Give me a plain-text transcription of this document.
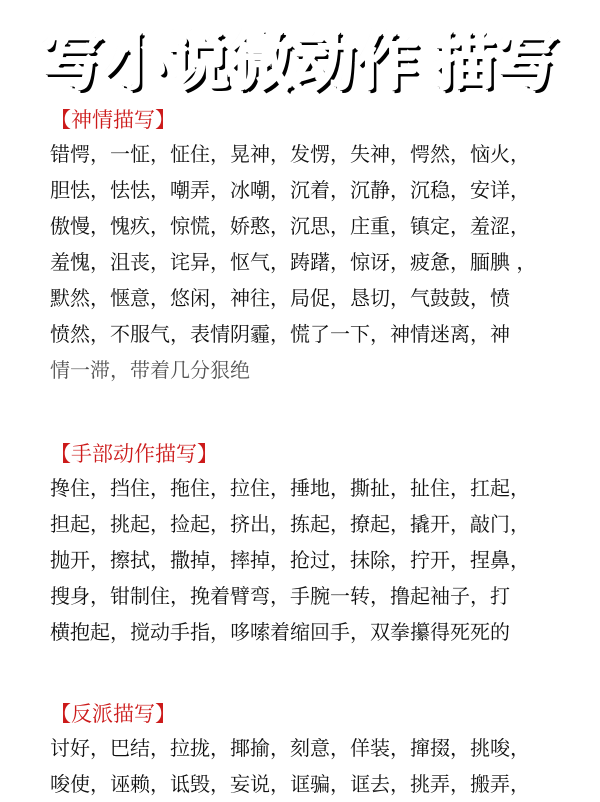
写小说 微动作 描写
【神情描写】
错愕，一怔，怔住，晃神，发愣，失神，愕然，恼火，
胆怯，怯怯，嘲弄，冰嘲，沉着，沉静，沉稳，安详，
傲慢，愧疚，惊慌，娇憨，沉思，庄重，镇定，羞涩，
羞愧，沮丧，诧异，怄气，踌躇，惊讶，疲惫，腼腆 ，
默然，惬意，悠闲，神往，局促，恳切，气鼓鼓，愤
愤然，不服气，表情阴霾，慌了一下，神情迷离，神
情一滞，带着几分狠绝
【手部动作描写】
搀住，挡住，拖住，拉住，捶地，撕扯，扯住，扛起，
担起，挑起，捡起，挤出，拣起，撩起，撬开，敲门，
抛开，擦拭，撒掉，摔掉，抢过，抹除，拧开，捏鼻，
搜身，钳制住，挽着臂弯，手腕一转，撸起袖子，打
横抱起，搅动手指，哆嗦着缩回手，双拳攥得死死的
【反派描写】
讨好，巴结，拉拢，揶揄，刻意，佯装，撺掇，挑唆，
唆使，诬赖，诋毁，妄说，诓骗，诓去，挑弄，搬弄，
